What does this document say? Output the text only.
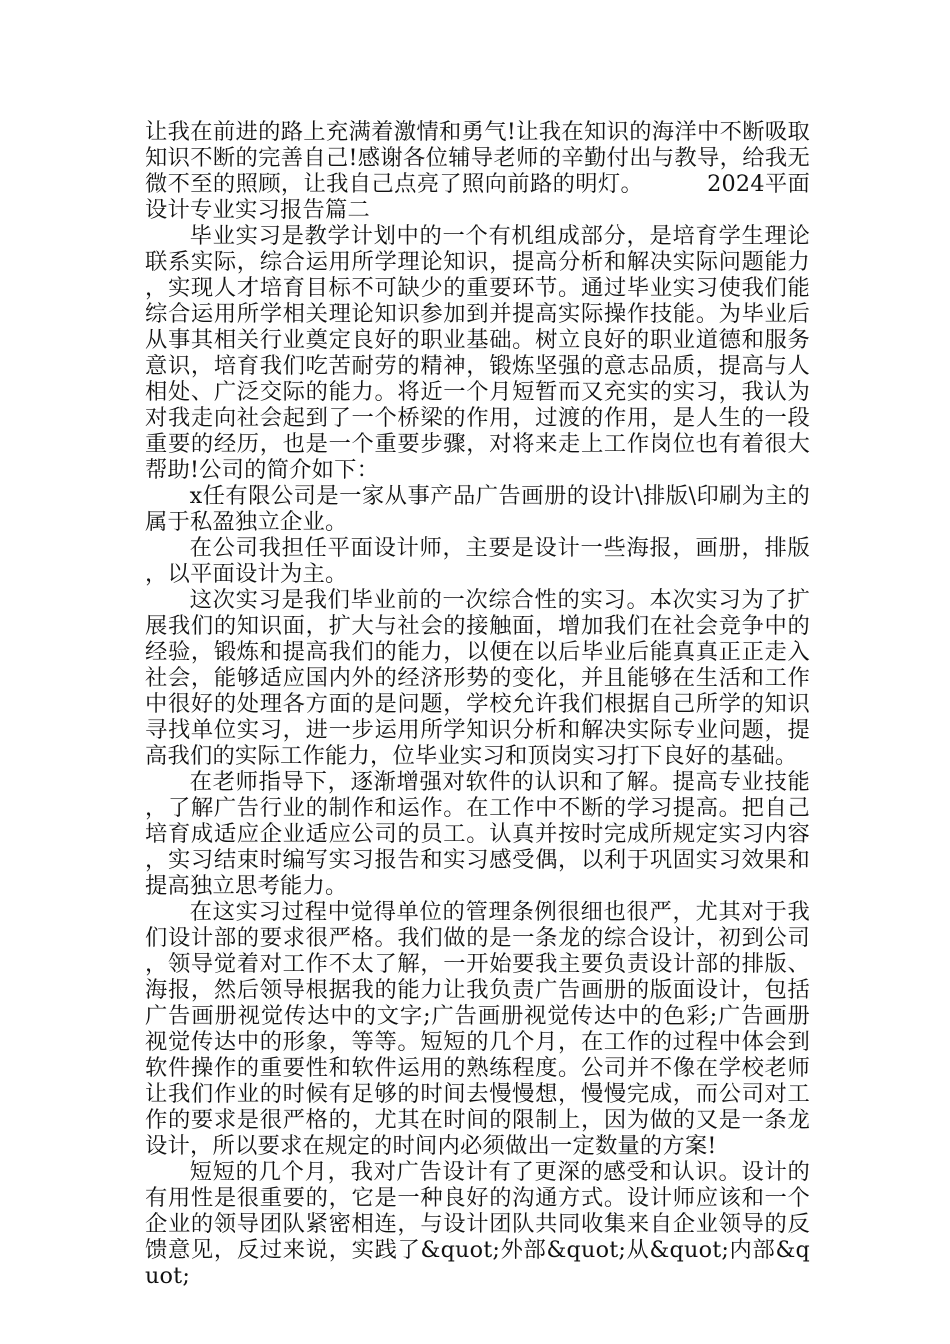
让我在前进的路上充满着激情和勇气!让我在知识的海洋中不断吸取知识不断的完善自己!感谢各位辅导老师的辛勤付出与教导，给我无微不至的照顾，让我自己点亮了照向前路的明灯。	2024平面设计专业实习报告篇二

毕业实习是教学计划中的一个有机组成部分，是培育学生理论联系实际，综合运用所学理论知识，提高分析和解决实际问题能力，实现人才培育目标不可缺少的重要环节。通过毕业实习使我们能综合运用所学相关理论知识参加到并提高实际操作技能。为毕业后从事其相关行业奠定良好的职业基础。树立良好的职业道德和服务意识，培育我们吃苦耐劳的精神，锻炼坚强的意志品质，提高与人相处、广泛交际的能力。将近一个月短暂而又充实的实习，我认为对我走向社会起到了一个桥梁的作用，过渡的作用，是人生的一段重要的经历，也是一个重要步骤，对将来走上工作岗位也有着很大帮助!公司的简介如下：

x任有限公司是一家从事产品广告画册的设计\排版\印刷为主的属于私盈独立企业。

在公司我担任平面设计师，主要是设计一些海报，画册，排版，以平面设计为主。

这次实习是我们毕业前的一次综合性的实习。本次实习为了扩展我们的知识面，扩大与社会的接触面，增加我们在社会竞争中的经验，锻炼和提高我们的能力，以便在以后毕业后能真真正正走入社会，能够适应国内外的经济形势的变化，并且能够在生活和工作中很好的处理各方面的是问题，学校允许我们根据自己所学的知识寻找单位实习，进一步运用所学知识分析和解决实际专业问题，提高我们的实际工作能力，位毕业实习和顶岗实习打下良好的基础。

在老师指导下，逐渐增强对软件的认识和了解。提高专业技能，了解广告行业的制作和运作。在工作中不断的学习提高。把自己培育成适应企业适应公司的员工。认真并按时完成所规定实习内容，实习结束时编写实习报告和实习感受偶，以利于巩固实习效果和提高独立思考能力。

在这实习过程中觉得单位的管理条例很细也很严，尤其对于我们设计部的要求很严格。我们做的是一条龙的综合设计，初到公司，领导觉着对工作不太了解，一开始要我主要负责设计部的排版、海报，然后领导根据我的能力让我负责广告画册的版面设计，包括广告画册视觉传达中的文字;广告画册视觉传达中的色彩;广告画册视觉传达中的形象，等等。短短的几个月，在工作的过程中体会到软件操作的重要性和软件运用的熟练程度。公司并不像在学校老师让我们作业的时候有足够的时间去慢慢想，慢慢完成，而公司对工作的要求是很严格的，尤其在时间的限制上，因为做的又是一条龙设计，所以要求在规定的时间内必须做出一定数量的方案!

短短的几个月，我对广告设计有了更深的感受和认识。设计的有用性是很重要的，它是一种良好的沟通方式。设计师应该和一个企业的领导团队紧密相连，与设计团队共同收集来自企业领导的反馈意见，反过来说，实践了&quot;外部&quot;从&quot;内部&quot;
